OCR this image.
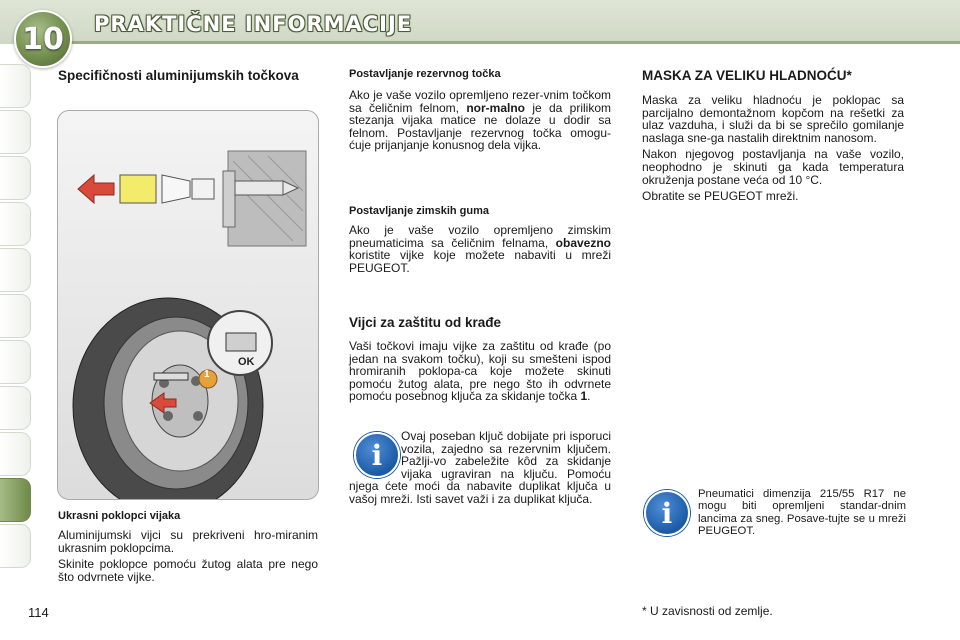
10	PRAKTIČNE INFORMACIJE
Specifičnosti aluminijumskih točkova
1
OK
Ukrasni poklopci vijaka

Aluminijumski vijci su prekriveni hro-miranim ukrasnim poklopcima.

Skinite poklopce pomoću žutog alata pre nego što odvrnete vijke.

Postavljanje rezervnog točka

Ako je vaše vozilo opremljeno rezer-vnim točkom sa čeličnim felnom, nor-malno je da prilikom stezanja vijaka matice ne dolaze u dodir sa felnom. Postavljanje rezervnog točka omogu-ćuje prijanjanje konusnog dela vijka.

Postavljanje zimskih guma

Ako je vaše vozilo opremljeno zimskim pneumaticima sa čeličnim felnama, obavezno koristite vijke koje možete nabaviti u mreži PEUGEOT.

Vijci za zaštitu od krađe

Vaši točkovi imaju vijke za zaštitu od krađe (po jedan na svakom točku), koji su smešteni ispod hromiranih poklopa-ca koje možete skinuti pomoću žutog alata, pre nego što ih odvrnete pomoću posebnog ključa za skidanje točka 1.

i

Ovaj poseban ključ dobijate pri isporuci vozila, zajedno sa rezervnim ključem. Pažlji-vo zabeležite kôd za skidanje vijaka ugraviran na ključu. Pomoću njega ćete moći da nabavite duplikat ključa u vašoj mreži. Isti savet važi i za duplikat ključa.

MASKA ZA VELIKU HLADNOĆU*

Maska za veliku hladnoću je poklopac sa parcijalno demontažnom kopčom na rešetki za ulaz vazduha, i služi da bi se sprečilo gomilanje naslaga sne-ga nastalih direktnim nanosom.

Nakon njegovog postavljanja na vaše vozilo, neophodno je skinuti ga kada temperatura okruženja postane veća od 10 °C.

Obratite se PEUGEOT mreži.

i
Pneumatici dimenzija 215/55 R17 ne mogu biti opremljeni standar-dnim lancima za sneg. Posave-tujte se u mreži PEUGEOT.
* U zavisnosti od zemlje.
114
